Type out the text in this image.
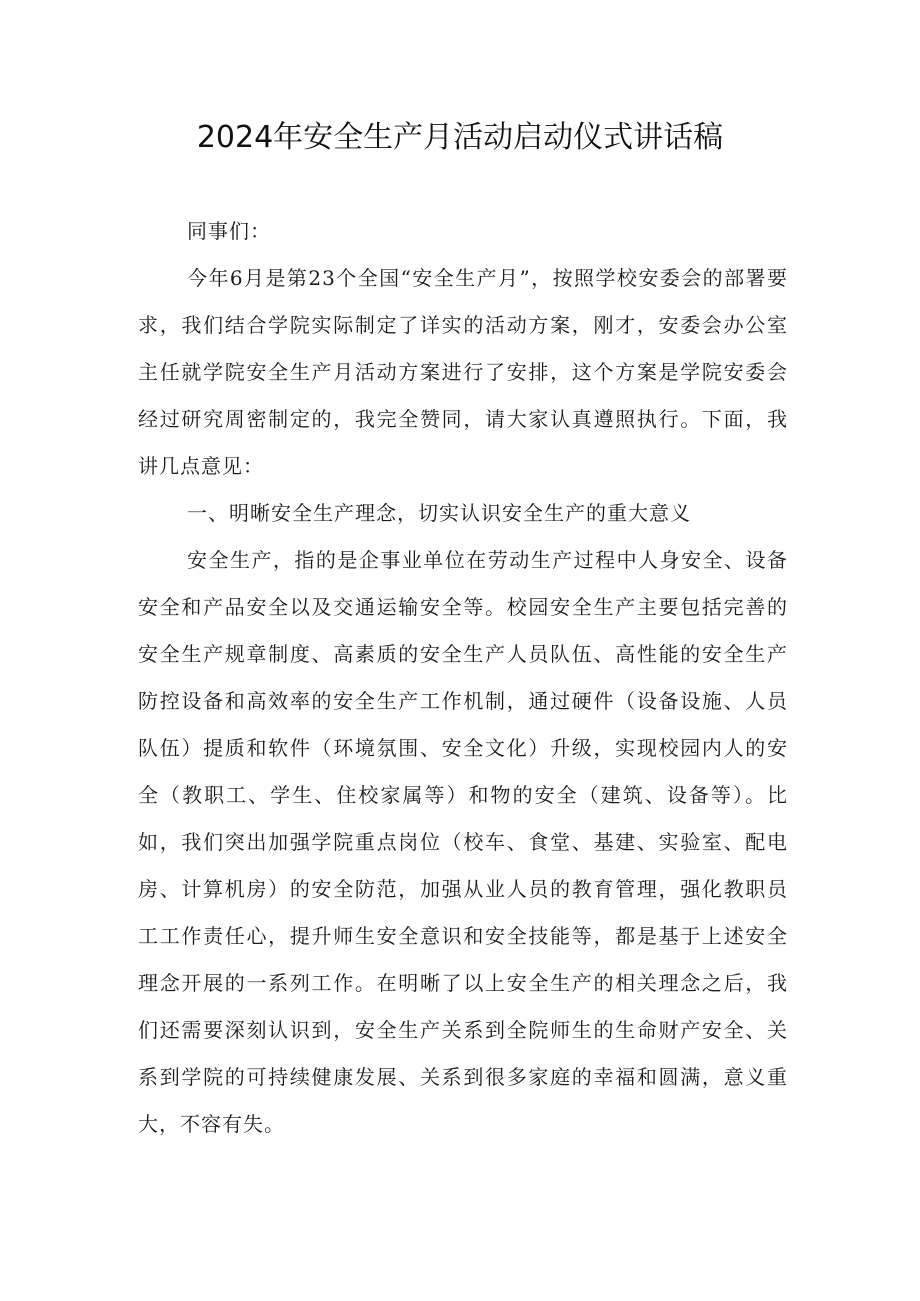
2024年安全生产月活动启动仪式讲话稿

同事们：

今年6月是第23个全国“安全生产月”，按照学校安委会的部署要求，我们结合学院实际制定了详实的活动方案，刚才，安委会办公室主任就学院安全生产月活动方案进行了安排，这个方案是学院安委会经过研究周密制定的，我完全赞同，请大家认真遵照执行。下面，我讲几点意见：

一、明晰安全生产理念，切实认识安全生产的重大意义

安全生产，指的是企事业单位在劳动生产过程中人身安全、设备安全和产品安全以及交通运输安全等。校园安全生产主要包括完善的安全生产规章制度、高素质的安全生产人员队伍、高性能的安全生产防控设备和高效率的安全生产工作机制，通过硬件（设备设施、人员队伍）提质和软件（环境氛围、安全文化）升级，实现校园内人的安全（教职工、学生、住校家属等）和物的安全（建筑、设备等）。比如，我们突出加强学院重点岗位（校车、食堂、基建、实验室、配电房、计算机房）的安全防范，加强从业人员的教育管理，强化教职员工工作责任心，提升师生安全意识和安全技能等，都是基于上述安全理念开展的一系列工作。在明晰了以上安全生产的相关理念之后，我们还需要深刻认识到，安全生产关系到全院师生的生命财产安全、关系到学院的可持续健康发展、关系到很多家庭的幸福和圆满，意义重大，不容有失。
